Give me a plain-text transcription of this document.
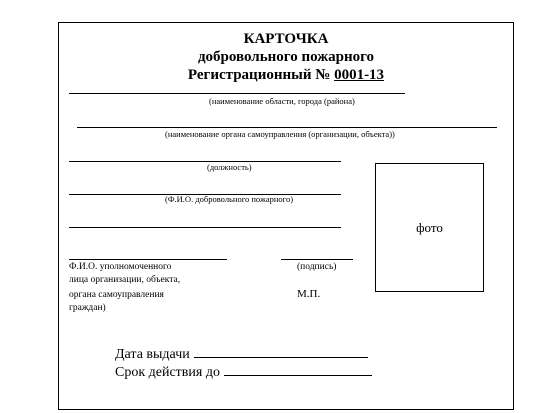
КАРТОЧКА
добровольного пожарного
Регистрационный № 0001-13
(наименование области, города (района)
(наименование органа самоуправления (организации, объекта))
(должность)
(Ф.И.О. добровольного пожарного)
фото
Ф.И.О. уполномоченного
лица организации, объекта,
органа самоуправления
граждан)
(подпись)
М.П.
Дата выдачи
Срок действия до
